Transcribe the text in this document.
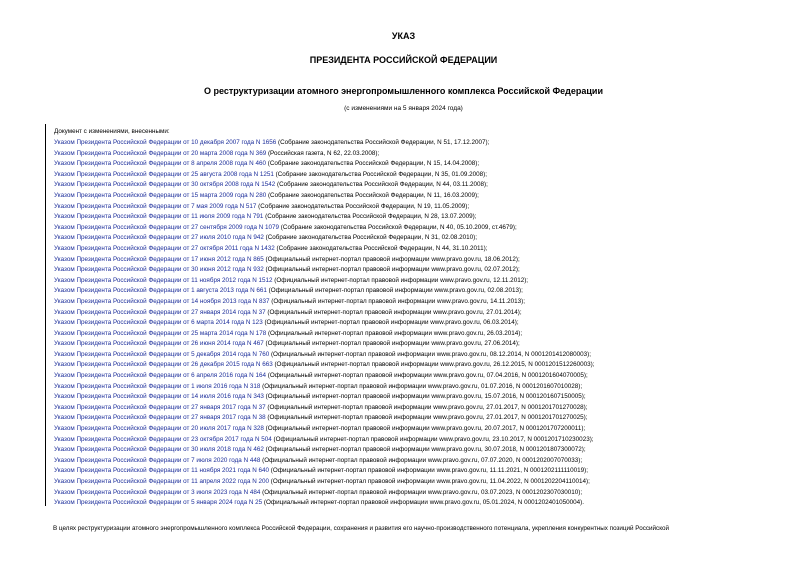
УКАЗ
ПРЕЗИДЕНТА РОССИЙСКОЙ ФЕДЕРАЦИИ
О реструктуризации атомного энергопромышленного комплекса Российской Федерации
(с изменениями на 5 января 2024 года)
Документ с изменениями, внесенными:
Указом Президента Российской Федерации от 10 декабря 2007 года N 1656 (Собрание законодательства Российской Федерации, N 51, 17.12.2007);
Указом Президента Российской Федерации от 20 марта 2008 года N 369 (Российская газета, N 62, 22.03.2008);
Указом Президента Российской Федерации от 8 апреля 2008 года N 460 (Собрание законодательства Российской Федерации, N 15, 14.04.2008);
Указом Президента Российской Федерации от 25 августа 2008 года N 1251 (Собрание законодательства Российской Федерации, N 35, 01.09.2008);
Указом Президента Российской Федерации от 30 октября 2008 года N 1542 (Собрание законодательства Российской Федерации, N 44, 03.11.2008);
Указом Президента Российской Федерации от 15 марта 2009 года N 280 (Собрание законодательства Российской Федерации, N 11, 16.03.2009);
Указом Президента Российской Федерации от 7 мая 2009 года N 517 (Собрание законодательства Российской Федерации, N 19, 11.05.2009);
Указом Президента Российской Федерации от 11 июля 2009 года N 791 (Собрание законодательства Российской Федерации, N 28, 13.07.2009);
Указом Президента Российской Федерации от 27 сентября 2009 года N 1079 (Собрание законодательства Российской Федерации, N 40, 05.10.2009, ст.4679);
Указом Президента Российской Федерации от 27 июля 2010 года N 942 (Собрание законодательства Российской Федерации, N 31, 02.08.2010);
Указом Президента Российской Федерации от 27 октября 2011 года N 1432 (Собрание законодательства Российской Федерации, N 44, 31.10.2011);
Указом Президента Российской Федерации от 17 июня 2012 года N 865 (Официальный интернет-портал правовой информации www.pravo.gov.ru, 18.06.2012);
Указом Президента Российской Федерации от 30 июня 2012 года N 932 (Официальный интернет-портал правовой информации www.pravo.gov.ru, 02.07.2012);
Указом Президента Российской Федерации от 11 ноября 2012 года N 1512 (Официальный интернет-портал правовой информации www.pravo.gov.ru, 12.11.2012);
Указом Президента Российской Федерации от 1 августа 2013 года N 661 (Официальный интернет-портал правовой информации www.pravo.gov.ru, 02.08.2013);
Указом Президента Российской Федерации от 14 ноября 2013 года N 837 (Официальный интернет-портал правовой информации www.pravo.gov.ru, 14.11.2013);
Указом Президента Российской Федерации от 27 января 2014 года N 37 (Официальный интернет-портал правовой информации www.pravo.gov.ru, 27.01.2014);
Указом Президента Российской Федерации от 6 марта 2014 года N 123 (Официальный интернет-портал правовой информации www.pravo.gov.ru, 06.03.2014);
Указом Президента Российской Федерации от 25 марта 2014 года N 178 (Официальный интернет-портал правовой информации www.pravo.gov.ru, 26.03.2014);
Указом Президента Российской Федерации от 26 июня 2014 года N 467 (Официальный интернет-портал правовой информации www.pravo.gov.ru, 27.06.2014);
Указом Президента Российской Федерации от 5 декабря 2014 года N 760 (Официальный интернет-портал правовой информации www.pravo.gov.ru, 08.12.2014, N 0001201412080003);
Указом Президента Российской Федерации от 26 декабря 2015 года N 663 (Официальный интернет-портал правовой информации www.pravo.gov.ru, 26.12.2015, N 0001201512260003);
Указом Президента Российской Федерации от 6 апреля 2016 года N 164 (Официальный интернет-портал правовой информации www.pravo.gov.ru, 07.04.2016, N 0001201604070005);
Указом Президента Российской Федерации от 1 июля 2016 года N 318 (Официальный интернет-портал правовой информации www.pravo.gov.ru, 01.07.2016, N 0001201607010028);
Указом Президента Российской Федерации от 14 июля 2016 года N 343 (Официальный интернет-портал правовой информации www.pravo.gov.ru, 15.07.2016, N 0001201607150005);
Указом Президента Российской Федерации от 27 января 2017 года N 37 (Официальный интернет-портал правовой информации www.pravo.gov.ru, 27.01.2017, N 0001201701270028);
Указом Президента Российской Федерации от 27 января 2017 года N 38 (Официальный интернет-портал правовой информации www.pravo.gov.ru, 27.01.2017, N 0001201701270025);
Указом Президента Российской Федерации от 20 июля 2017 года N 328 (Официальный интернет-портал правовой информации www.pravo.gov.ru, 20.07.2017, N 0001201707200011);
Указом Президента Российской Федерации от 23 октября 2017 года N 504 (Официальный интернет-портал правовой информации www.pravo.gov.ru, 23.10.2017, N 0001201710230023);
Указом Президента Российской Федерации от 30 июля 2018 года N 462 (Официальный интернет-портал правовой информации www.pravo.gov.ru, 30.07.2018, N 0001201807300072);
Указом Президента Российской Федерации от 7 июля 2020 года N 448 (Официальный интернет-портал правовой информации www.pravo.gov.ru, 07.07.2020, N 0001202007070033);
Указом Президента Российской Федерации от 11 ноября 2021 года N 640 (Официальный интернет-портал правовой информации www.pravo.gov.ru, 11.11.2021, N 0001202111110019);
Указом Президента Российской Федерации от 11 апреля 2022 года N 200 (Официальный интернет-портал правовой информации www.pravo.gov.ru, 11.04.2022, N 0001202204110014);
Указом Президента Российской Федерации от 3 июля 2023 года N 484 (Официальный интернет-портал правовой информации www.pravo.gov.ru, 03.07.2023, N 0001202307030010);
Указом Президента Российской Федерации от 5 января 2024 года N 25 (Официальный интернет-портал правовой информации www.pravo.gov.ru, 05.01.2024, N 0001202401050004).
В целях реструктуризации атомного энергопромышленного комплекса Российской Федерации, сохранения и развития его научно-производственного потенциала, укрепления конкурентных позиций Российской
